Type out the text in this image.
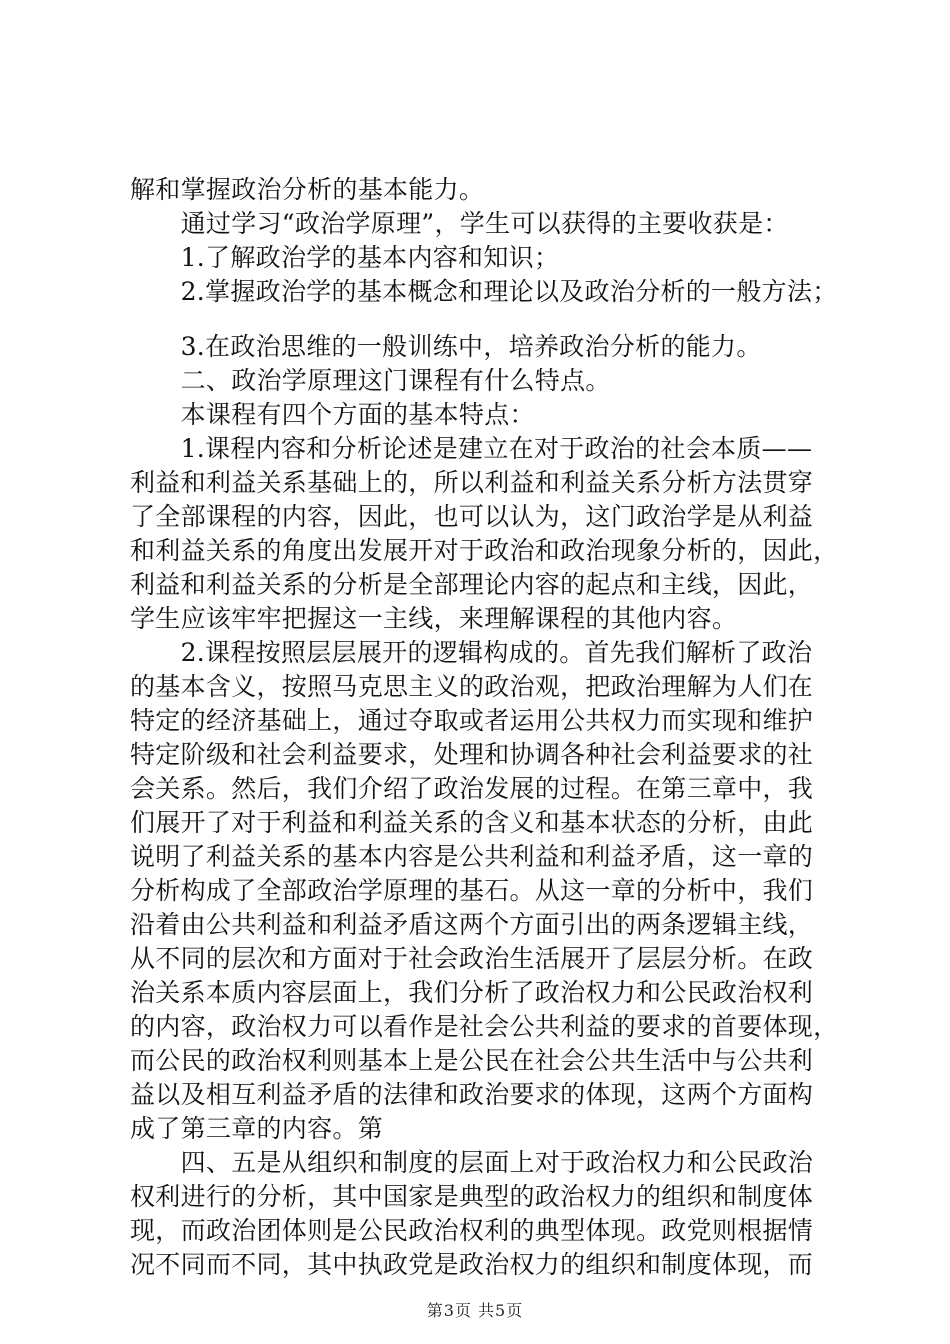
解和掌握政治分析的基本能力。
　　通过学习“政治学原理”，学生可以获得的主要收获是：
　　1.了解政治学的基本内容和知识；
　　2.掌握政治学的基本概念和理论以及政治分析的一般方法；
　　3.在政治思维的一般训练中，培养政治分析的能力。
　　二、政治学原理这门课程有什么特点。
　　本课程有四个方面的基本特点：
　　1.课程内容和分析论述是建立在对于政治的社会本质——
利益和利益关系基础上的，所以利益和利益关系分析方法贯穿
了全部课程的内容，因此，也可以认为，这门政治学是从利益
和利益关系的角度出发展开对于政治和政治现象分析的，因此，
利益和利益关系的分析是全部理论内容的起点和主线，因此，
学生应该牢牢把握这一主线，来理解课程的其他内容。
　　2.课程按照层层展开的逻辑构成的。首先我们解析了政治
的基本含义，按照马克思主义的政治观，把政治理解为人们在
特定的经济基础上，通过夺取或者运用公共权力而实现和维护
特定阶级和社会利益要求，处理和协调各种社会利益要求的社
会关系。然后，我们介绍了政治发展的过程。在第三章中，我
们展开了对于利益和利益关系的含义和基本状态的分析，由此
说明了利益关系的基本内容是公共利益和利益矛盾，这一章的
分析构成了全部政治学原理的基石。从这一章的分析中，我们
沿着由公共利益和利益矛盾这两个方面引出的两条逻辑主线，
从不同的层次和方面对于社会政治生活展开了层层分析。在政
治关系本质内容层面上，我们分析了政治权力和公民政治权利
的内容，政治权力可以看作是社会公共利益的要求的首要体现，
而公民的政治权利则基本上是公民在社会公共生活中与公共利
益以及相互利益矛盾的法律和政治要求的体现，这两个方面构
成了第三章的内容。第
　　四、五是从组织和制度的层面上对于政治权力和公民政治
权利进行的分析，其中国家是典型的政治权力的组织和制度体
现，而政治团体则是公民政治权利的典型体现。政党则根据情
况不同而不同，其中执政党是政治权力的组织和制度体现，而
第3页 共5页
